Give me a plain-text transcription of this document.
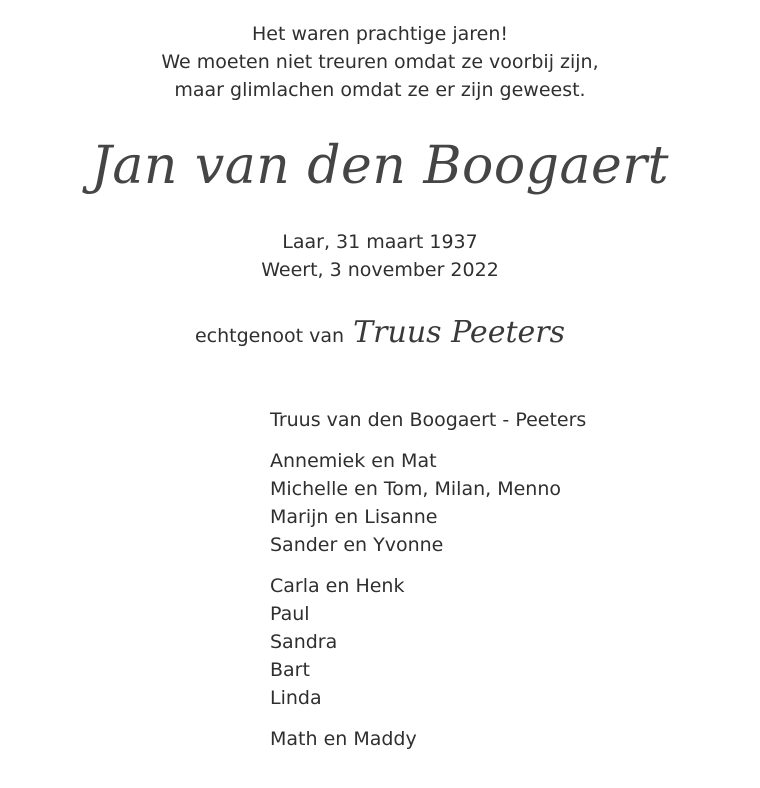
Het waren prachtige jaren!
We moeten niet treuren omdat ze voorbij zijn,
maar glimlachen omdat ze er zijn geweest.
Jan van den Boogaert
Laar, 31 maart 1937
Weert, 3 november 2022
echtgenoot van Truus Peeters
Truus van den Boogaert - Peeters
Annemiek en Mat
Michelle en Tom, Milan, Menno
Marijn en Lisanne
Sander en Yvonne
Carla en Henk
Paul
Sandra
Bart
Linda
Math en Maddy
